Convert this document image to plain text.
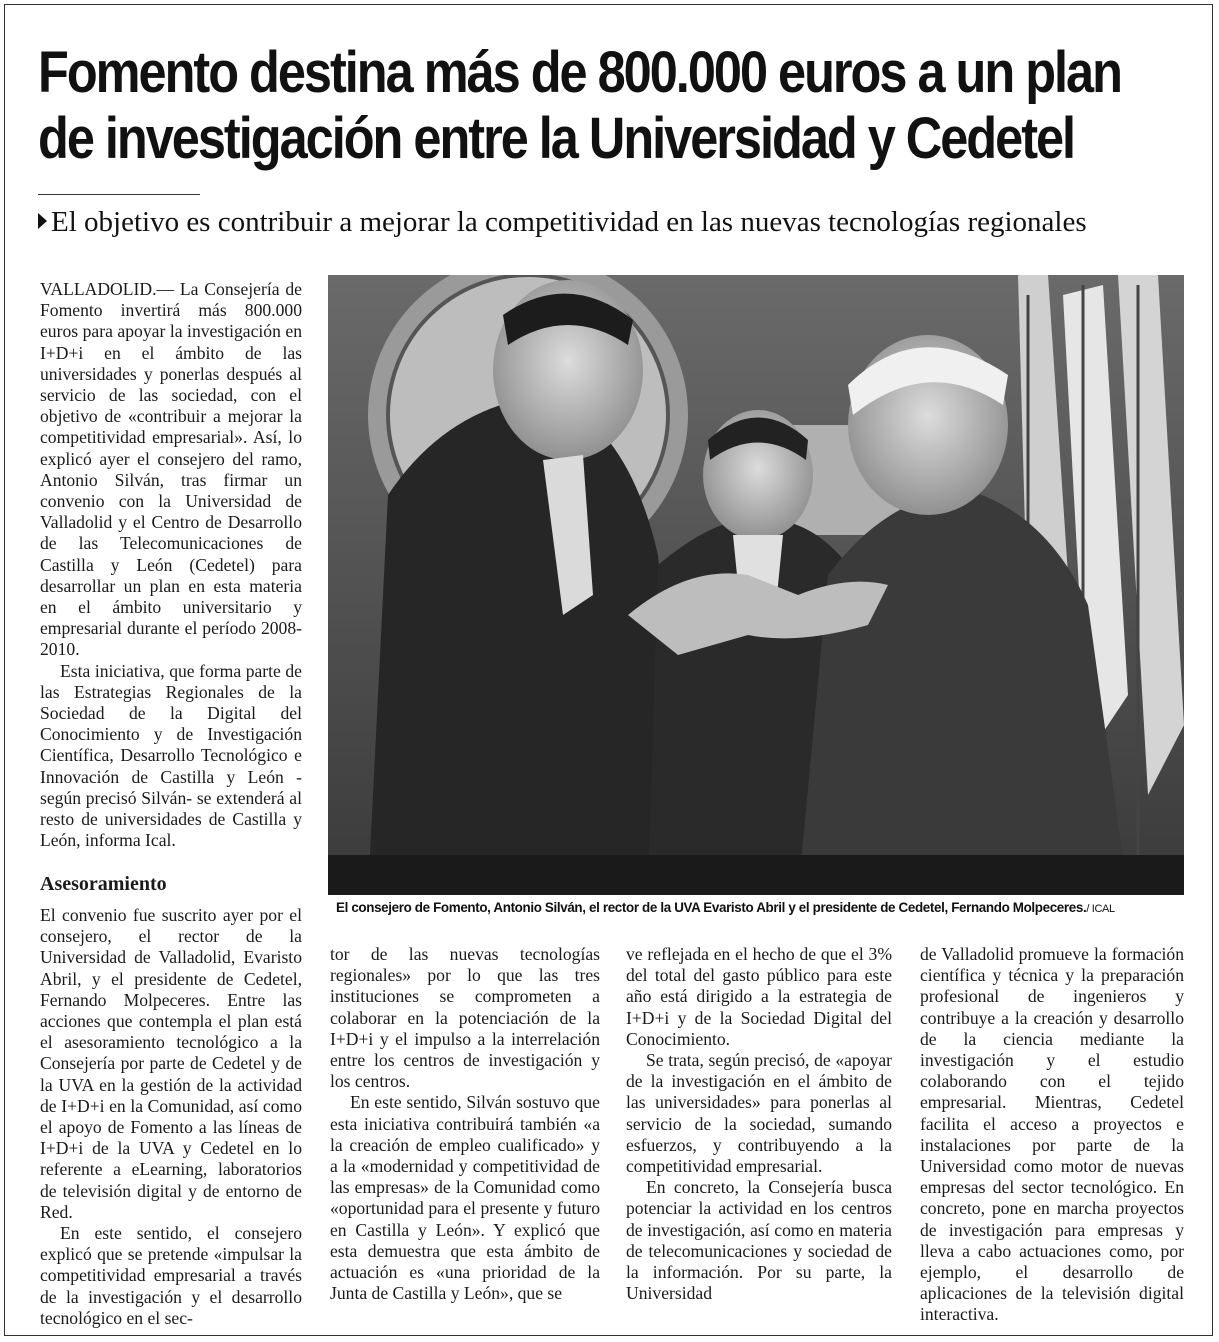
Fomento destina más de 800.000 euros a un plan
de investigación entre la Universidad y Cedetel
El objetivo es contribuir a mejorar la competitividad en las nuevas tecnologías regionales

VALLADOLID.— La Consejería de Fomento invertirá más 800.000 euros para apoyar la investigación en I+D+i en el ámbito de las universidades y ponerlas después al servicio de las sociedad, con el objetivo de «contribuir a mejorar la competitividad empresarial». Así, lo explicó ayer el consejero del ramo, Antonio Silván, tras firmar un convenio con la Universidad de Valladolid y el Centro de Desarrollo de las Telecomunicaciones de Castilla y León (Cedetel) para desarrollar un plan en esta materia en el ámbito universitario y empresarial durante el período 2008-2010.

Esta iniciativa, que forma parte de las Estrategias Regionales de la Sociedad de la Digital del Conocimiento y de Investigación Científica, Desarrollo Tecnológico e Innovación de Castilla y León -según precisó Silván- se extenderá al resto de universidades de Castilla y León, informa Ical.

Asesoramiento

El convenio fue suscrito ayer por el consejero, el rector de la Universidad de Valladolid, Evaristo Abril, y el presidente de Cedetel, Fernando Molpeceres. Entre las acciones que contempla el plan está el asesoramiento tecnológico a la Consejería por parte de Cedetel y de la UVA en la gestión de la actividad de I+D+i en la Comunidad, así como el apoyo de Fomento a las líneas de I+D+i de la UVA y Cedetel en lo referente a eLearning, laboratorios de televisión digital y de entorno de Red.

En este sentido, el consejero explicó que se pretende «impulsar la competitividad empresarial a través de la investigación y el desarrollo tecnológico en el sec-

El consejero de Fomento, Antonio Silván, el rector de la UVA Evaristo Abril y el presidente de Cedetel, Fernando Molpeceres./ ICAL

tor de las nuevas tecnologías regionales» por lo que las tres instituciones se comprometen a colaborar en la potenciación de la I+D+i y el impulso a la interrelación entre los centros de investigación y los centros.

En este sentido, Silván sostuvo que esta iniciativa contribuirá también «a la creación de empleo cualificado» y a la «modernidad y competitividad de las empresas» de la Comunidad como «oportunidad para el presente y futuro en Castilla y León». Y explicó que esta demuestra que esta ámbito de actuación es «una prioridad de la Junta de Castilla y León», que se

ve reflejada en el hecho de que el 3% del total del gasto público para este año está dirigido a la estrategia de I+D+i y de la Sociedad Digital del Conocimiento.

Se trata, según precisó, de «apoyar de la investigación en el ámbito de las universidades» para ponerlas al servicio de la sociedad, sumando esfuerzos, y contribuyendo a la competitividad empresarial.

En concreto, la Consejería busca potenciar la actividad en los centros de investigación, así como en materia de telecomunicaciones y sociedad de la información. Por su parte, la Universidad

de Valladolid promueve la formación científica y técnica y la preparación profesional de ingenieros y contribuye a la creación y desarrollo de la ciencia mediante la investigación y el estudio colaborando con el tejido empresarial. Mientras, Cedetel facilita el acceso a proyectos e instalaciones por parte de la Universidad como motor de nuevas empresas del sector tecnológico. En concreto, pone en marcha proyectos de investigación para empresas y lleva a cabo actuaciones como, por ejemplo, el desarrollo de aplicaciones de la televisión digital interactiva.
